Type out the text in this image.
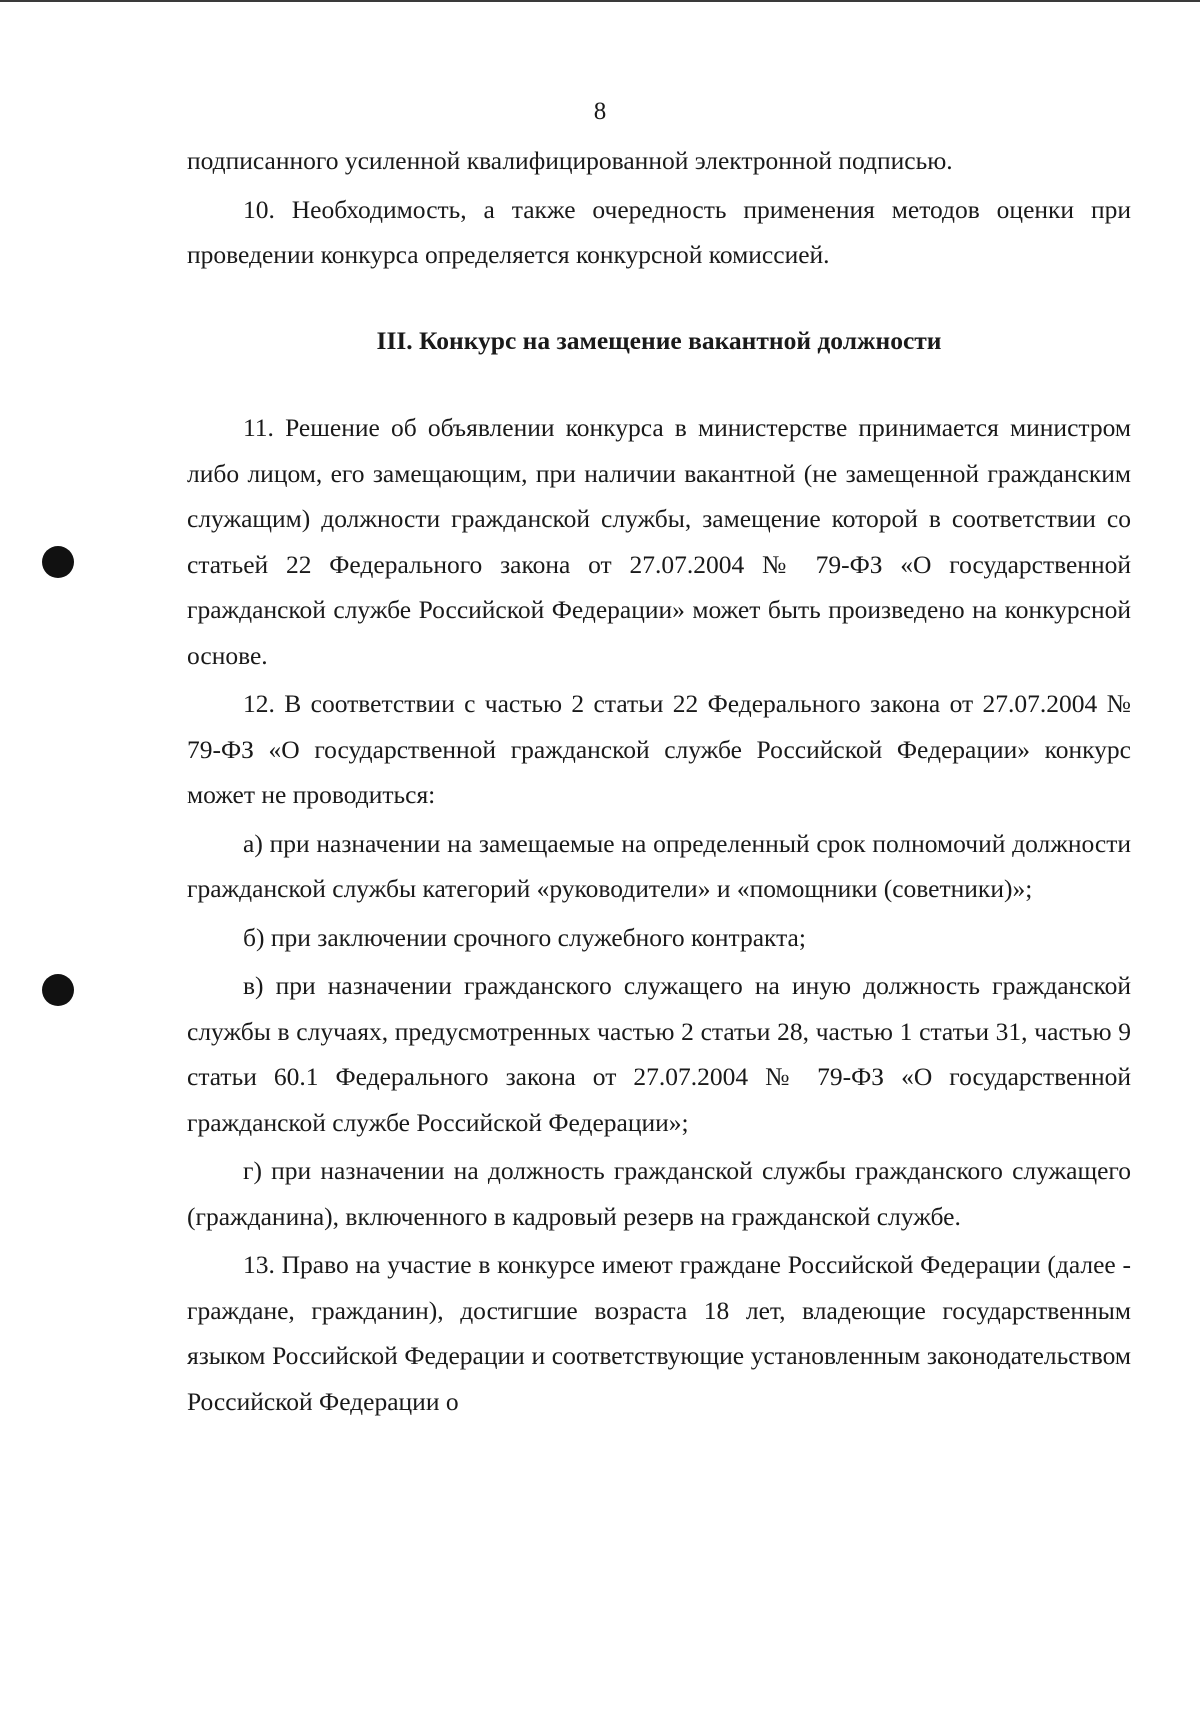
8

подписанного усиленной квалифицированной электронной подписью.

10. Необходимость, а также очередность применения методов оценки при проведении конкурса определяется конкурсной комиссией.

III. Конкурс на замещение вакантной должности

11. Решение об объявлении конкурса в министерстве принимается министром либо лицом, его замещающим, при наличии вакантной (не замещенной гражданским служащим) должности гражданской службы, замещение которой в соответствии со статьей 22 Федерального закона от 27.07.2004 № 79-ФЗ «О государственной гражданской службе Российской Федерации» может быть произведено на конкурсной основе.

12. В соответствии с частью 2 статьи 22 Федерального закона от 27.07.2004 № 79-ФЗ «О государственной гражданской службе Российской Федерации» конкурс может не проводиться:

а) при назначении на замещаемые на определенный срок полномочий должности гражданской службы категорий «руководители» и «помощники (советники)»;

б) при заключении срочного служебного контракта;

в) при назначении гражданского служащего на иную должность гражданской службы в случаях, предусмотренных частью 2 статьи 28, частью 1 статьи 31, частью 9 статьи 60.1 Федерального закона от 27.07.2004 № 79-ФЗ «О государственной гражданской службе Российской Федерации»;

г) при назначении на должность гражданской службы гражданского служащего (гражданина), включенного в кадровый резерв на гражданской службе.

13. Право на участие в конкурсе имеют граждане Российской Федерации (далее - граждане, гражданин), достигшие возраста 18 лет, владеющие государственным языком Российской Федерации и соответствующие установленным законодательством Российской Федерации о
